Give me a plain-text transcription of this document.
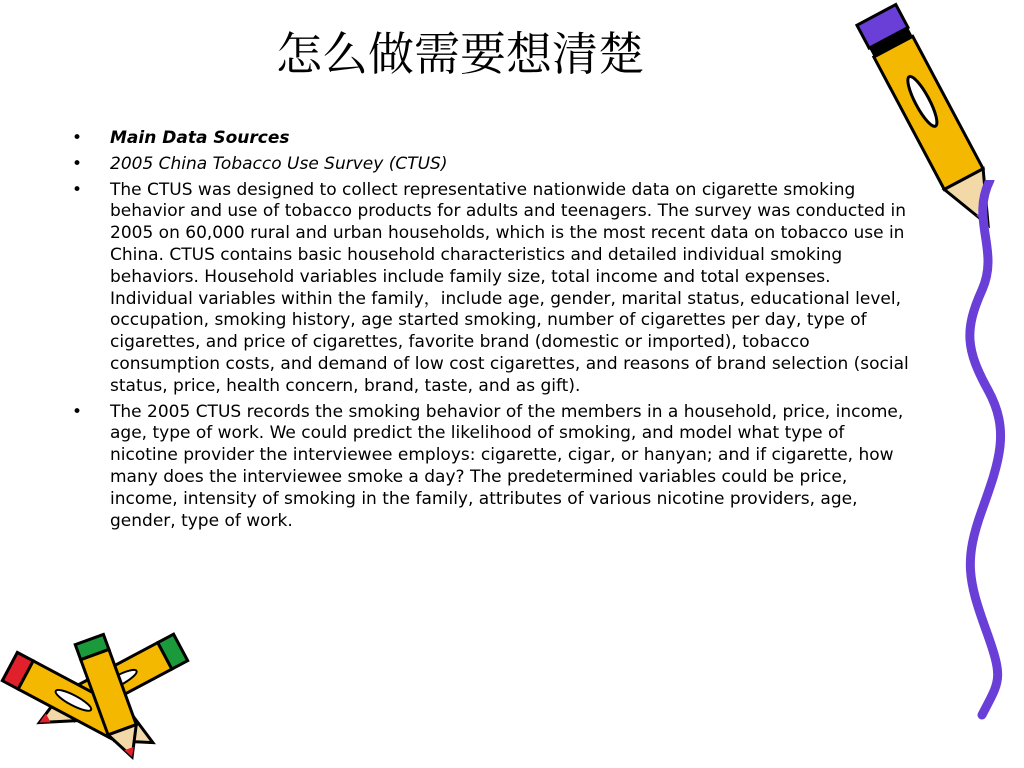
怎么做需要想清楚
• Main Data Sources
• 2005 China Tobacco Use Survey (CTUS)
• The CTUS was designed to collect representative nationwide data on cigarette smoking behavior and use of tobacco products for adults and teenagers. The survey was conducted in 2005 on 60,000 rural and urban households, which is the most recent data on tobacco use in China. CTUS contains basic household characteristics and detailed individual smoking behaviors. Household variables include family size, total income and total expenses. Individual variables within the family，include age, gender, marital status, educational level, occupation, smoking history, age started smoking, number of cigarettes per day, type of cigarettes, and price of cigarettes, favorite brand (domestic or imported), tobacco consumption costs, and demand of low cost cigarettes, and reasons of brand selection (social status, price, health concern, brand, taste, and as gift).
• The 2005 CTUS records the smoking behavior of the members in a household, price, income, age, type of work. We could predict the likelihood of smoking, and model what type of nicotine provider the interviewee employs: cigarette, cigar, or hanyan; and if cigarette, how many does the interviewee smoke a day? The predetermined variables could be price, income, intensity of smoking in the family, attributes of various nicotine providers, age, gender, type of work.
